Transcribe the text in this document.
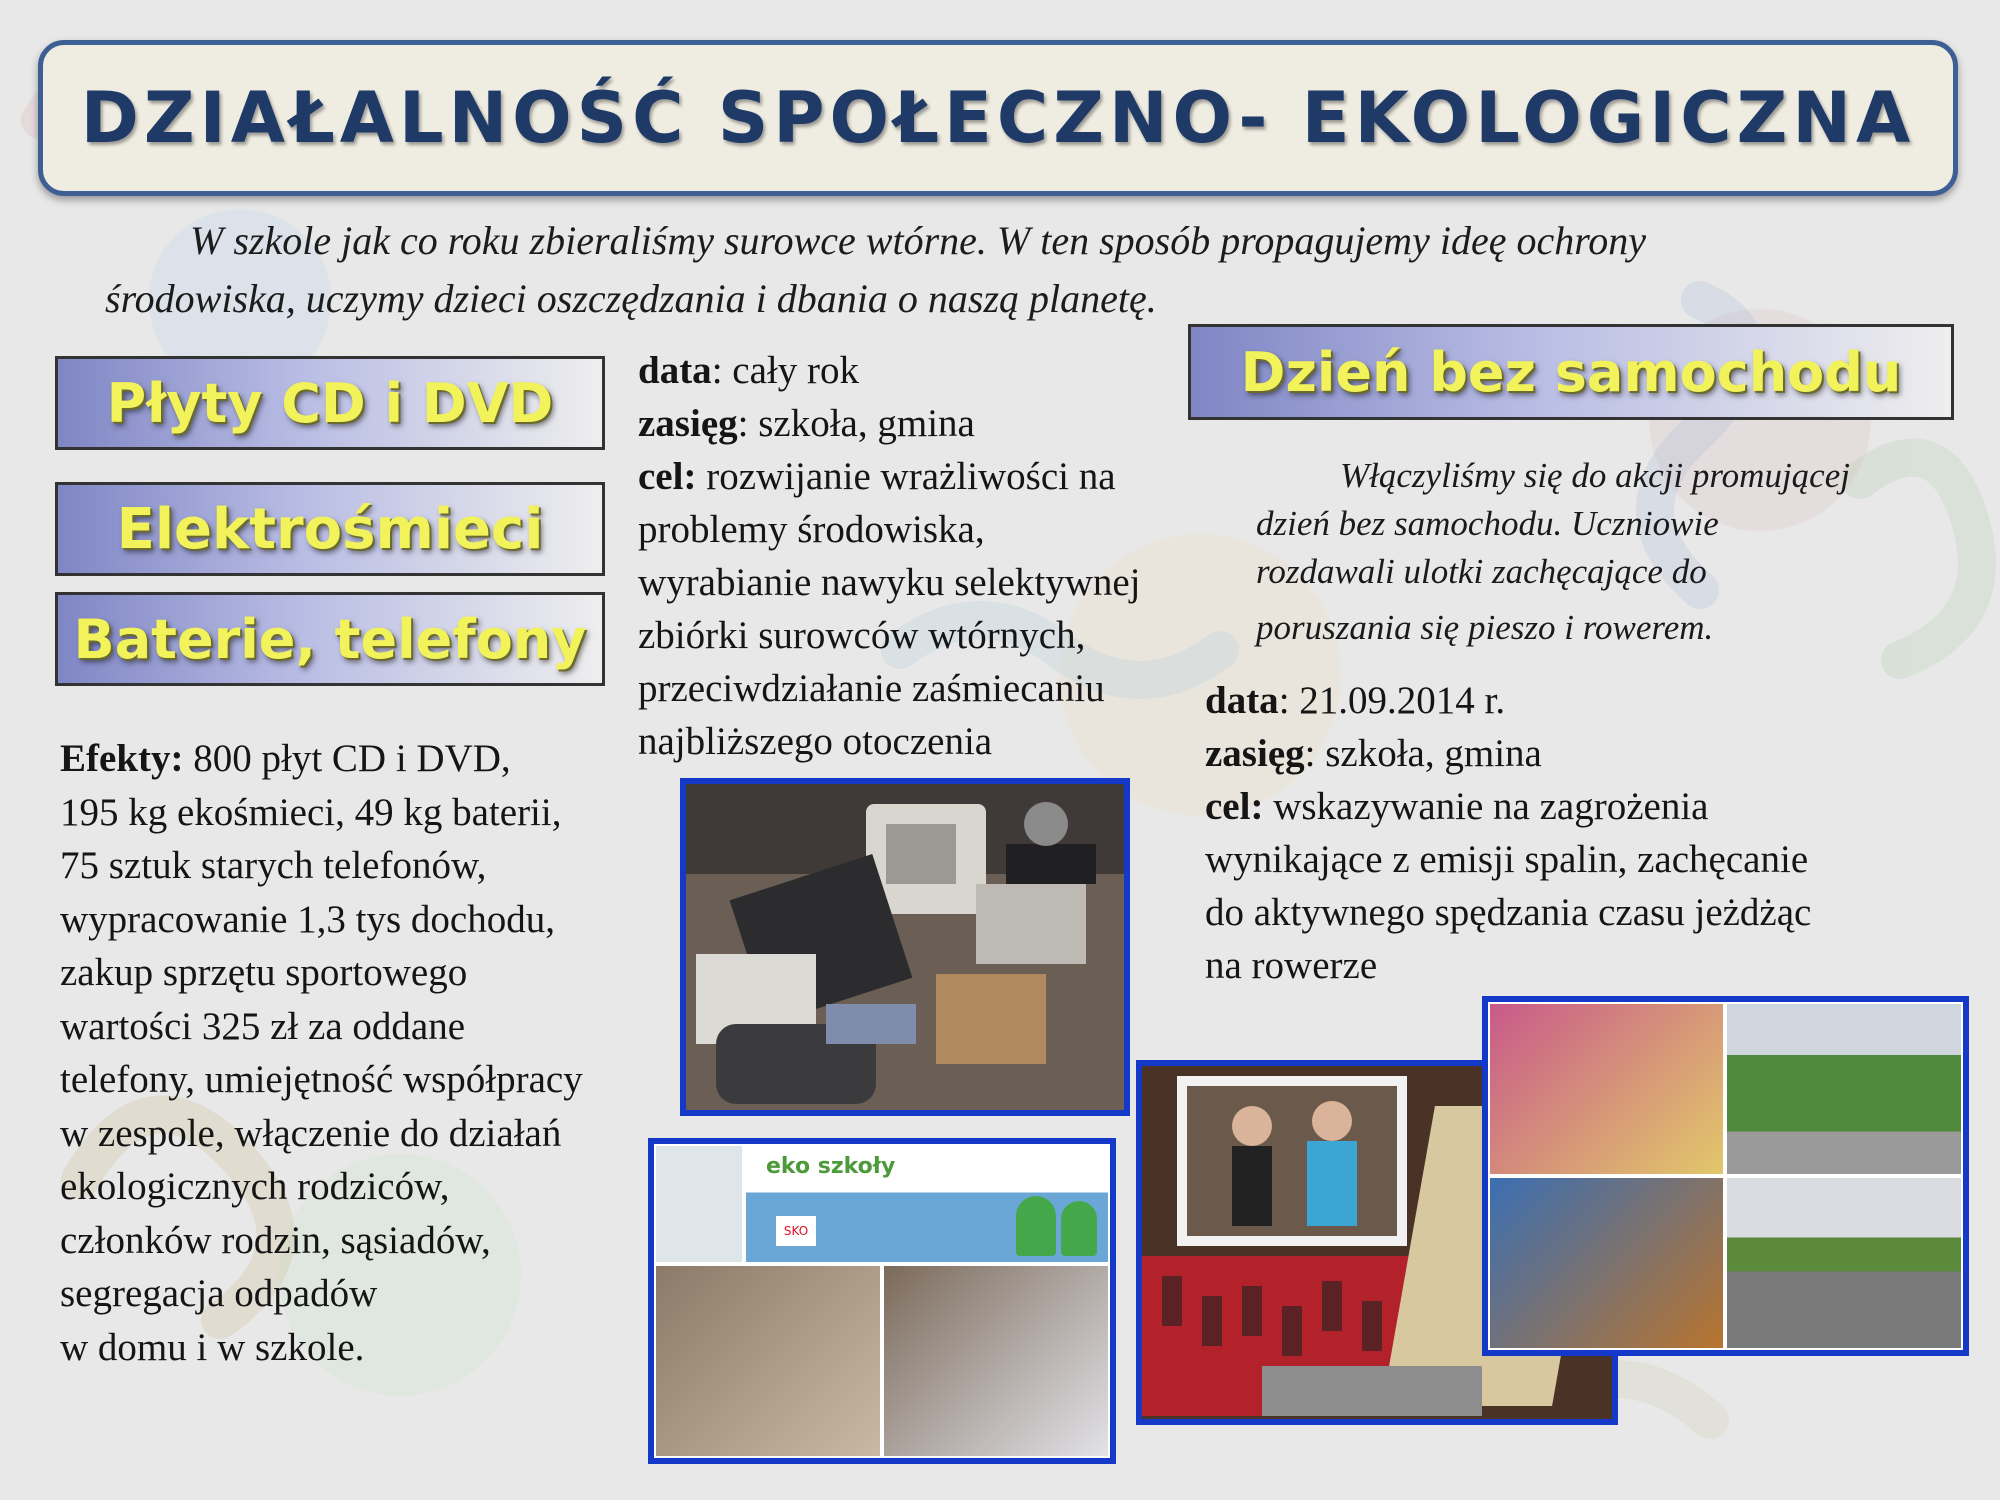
DZIAŁALNOŚĆ SPOŁECZNO- EKOLOGICZNA
W szkole jak co roku zbieraliśmy surowce wtórne. W ten sposób propagujemy ideę ochrony
środowiska, uczymy dzieci oszczędzania i dbania o naszą planetę.
Płyty CD i DVD
Elektrośmieci
Baterie, telefony
Dzień bez samochodu
data: cały rok
zasięg: szkoła, gmina
cel: rozwijanie wrażliwości na
problemy środowiska,
wyrabianie nawyku selektywnej
zbiórki surowców wtórnych,
przeciwdziałanie zaśmiecaniu
najbliższego otoczenia
Efekty: 800 płyt CD i DVD,
195 kg ekośmieci, 49 kg baterii,
75 sztuk starych telefonów,
wypracowanie 1,3 tys dochodu,
zakup sprzętu sportowego
wartości 325 zł za oddane
telefony, umiejętność współpracy
w zespole, włączenie do działań
ekologicznych rodziców,
członków rodzin, sąsiadów,
segregacja odpadów
w domu i w szkole.
Włączyliśmy się do akcji promującej
dzień bez samochodu. Uczniowie
rozdawali ulotki zachęcające do
poruszania się pieszo i rowerem.
data: 21.09.2014 r.
zasięg: szkoła, gmina
cel: wskazywanie na zagrożenia
wynikające z emisji spalin, zachęcanie
do aktywnego spędzania czasu jeżdżąc
na rowerze
eko szkoły
SKO
